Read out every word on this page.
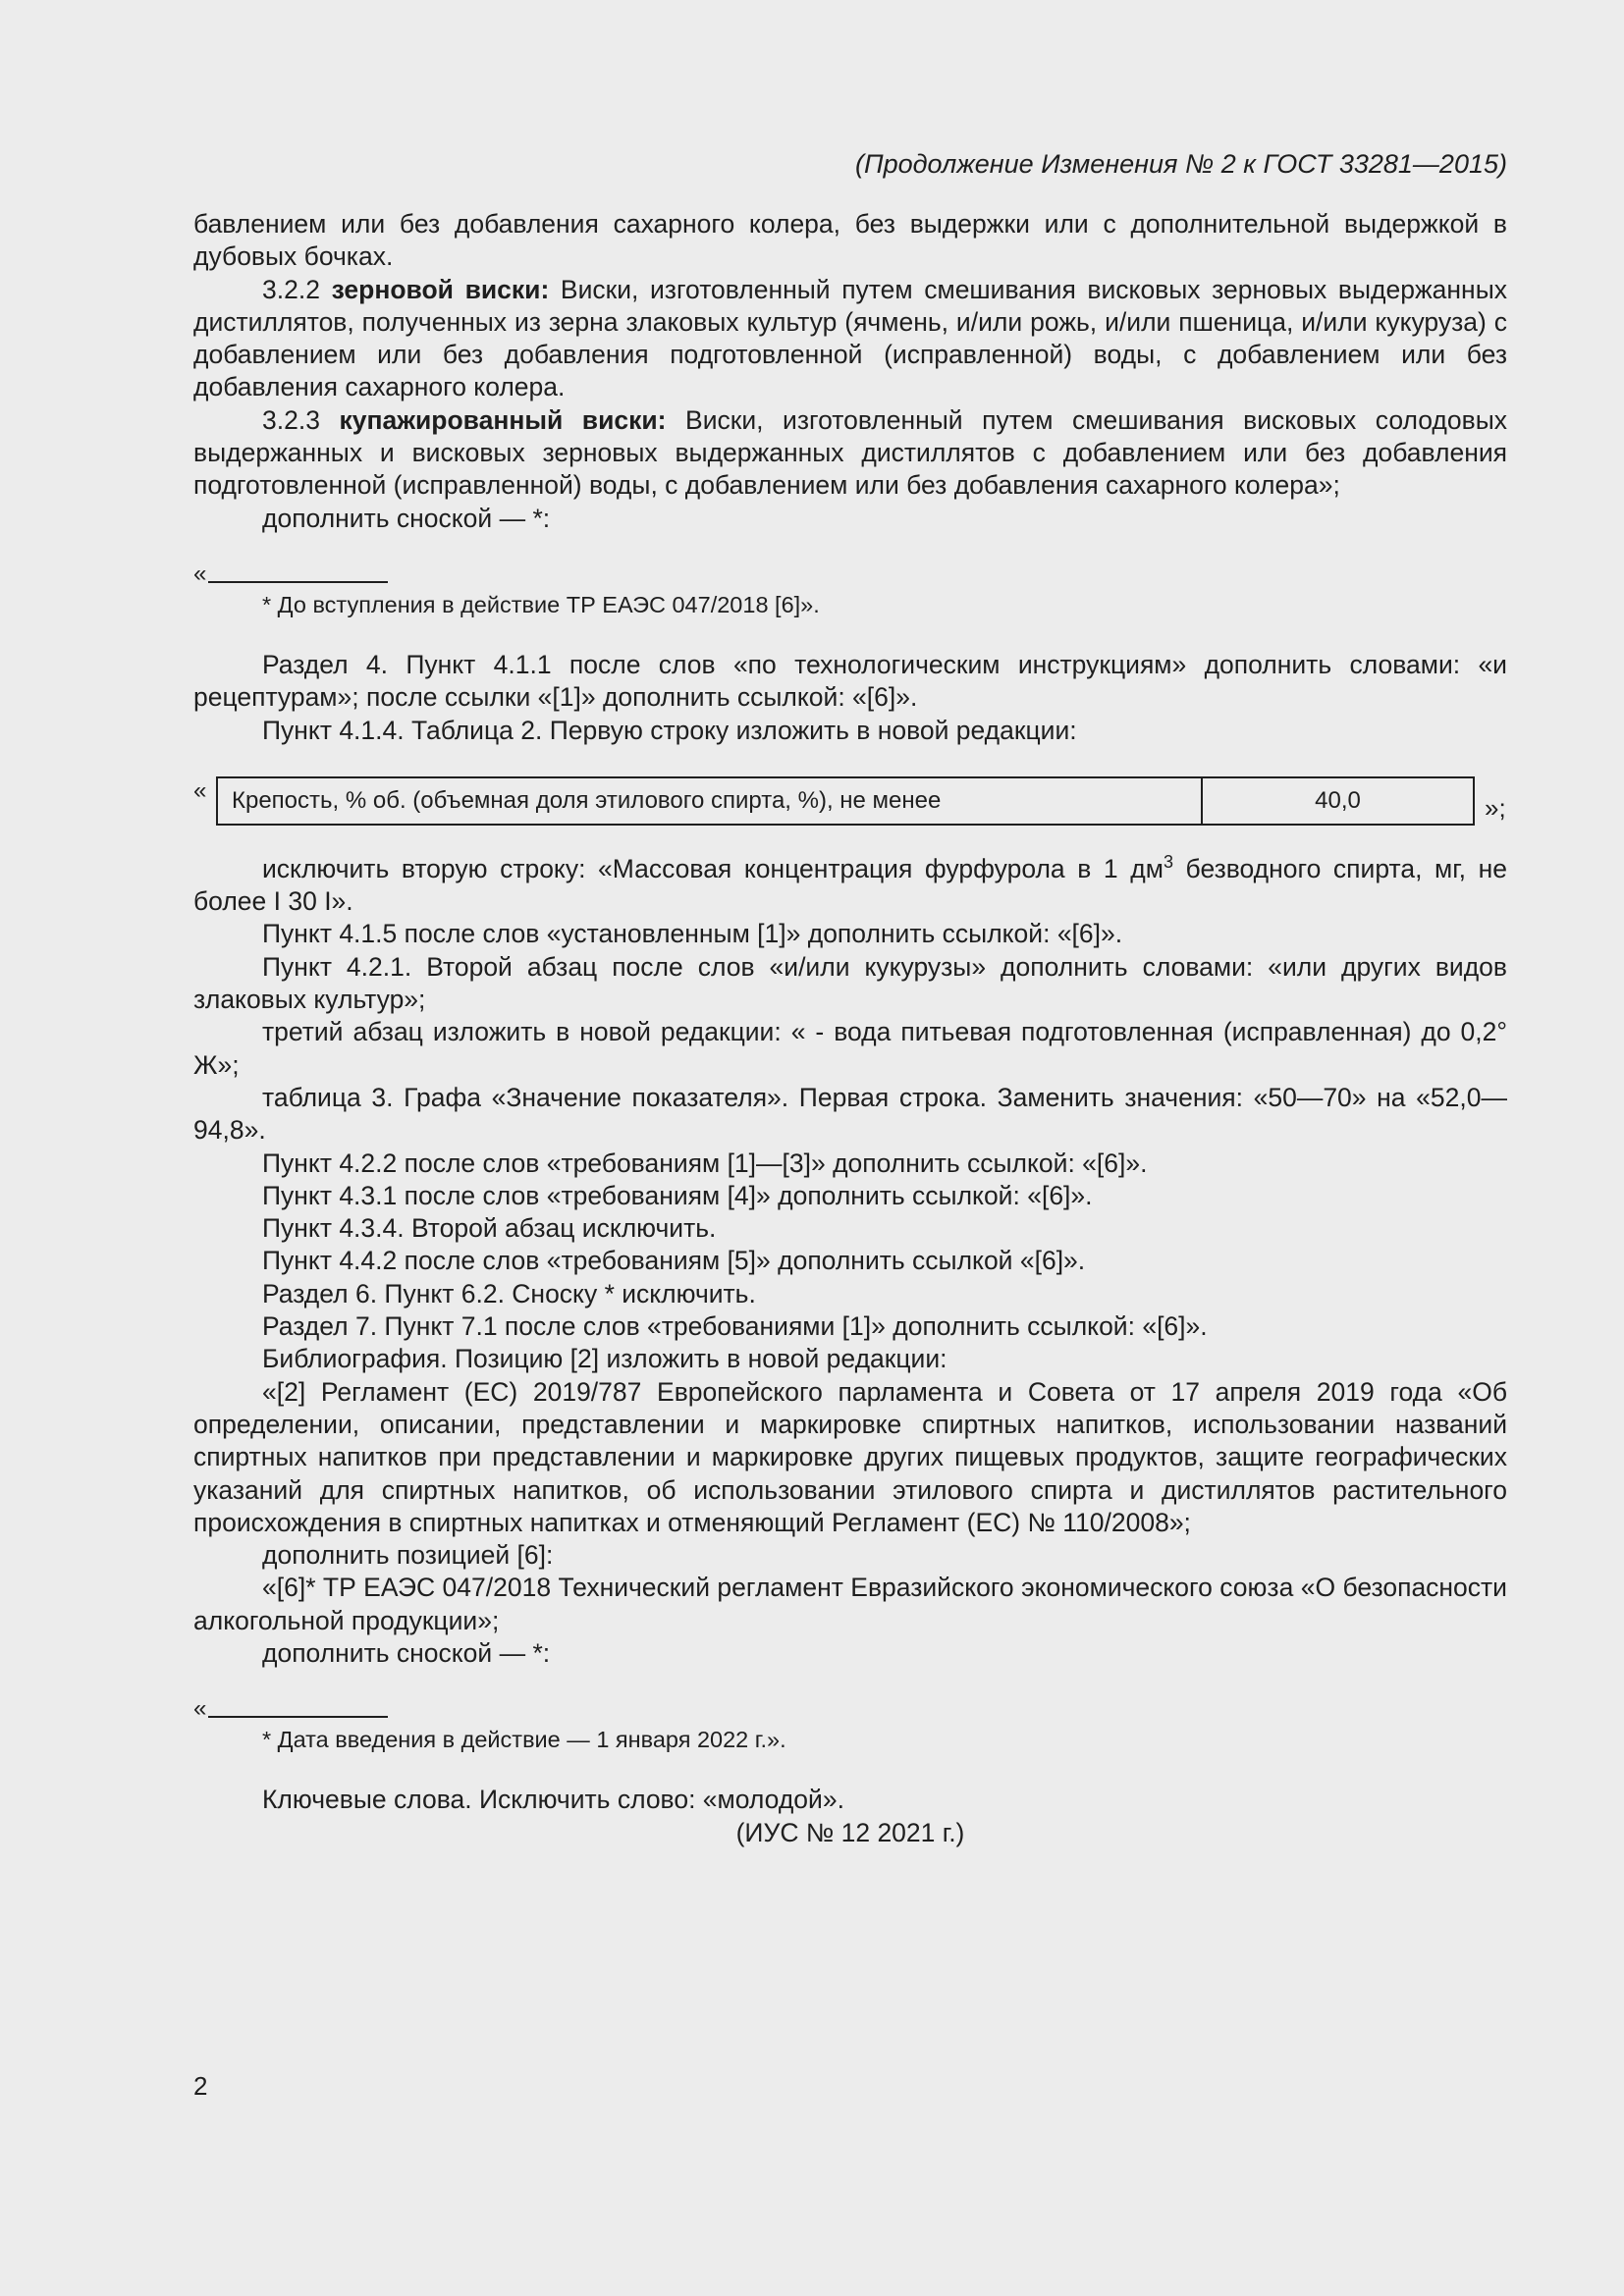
(Продолжение Изменения № 2 к ГОСТ 33281—2015)

бавлением или без добавления сахарного колера, без выдержки или с дополнительной выдержкой в дубовых бочках.

3.2.2 зерновой виски: Виски, изготовленный путем смешивания висковых зерновых выдержанных дистиллятов, полученных из зерна злаковых культур (ячмень, и/или рожь, и/или пшеница, и/или кукуруза) с добавлением или без добавления подготовленной (исправленной) воды, с добавлением или без добавления сахарного колера.

3.2.3 купажированный виски: Виски, изготовленный путем смешивания висковых солодовых выдержанных и висковых зерновых выдержанных дистиллятов с добавлением или без добавления подготовленной (исправленной) воды, с добавлением или без добавления сахарного колера»;

дополнить сноской — *:

«
* До вступления в действие ТР ЕАЭС 047/2018 [6]».

Раздел 4. Пункт 4.1.1 после слов «по технологическим инструкциям» дополнить словами: «и рецептурам»; после ссылки «[1]» дополнить ссылкой: «[6]».

Пункт 4.1.4. Таблица 2. Первую строку изложить в новой редакции:

« Крепость, % об. (объемная доля этилового спирта, %), не менее	40,0	»;

исключить вторую строку: «Массовая концентрация фурфурола в 1 $дм^3$ безводного спирта, мг, не более I 30 I».

Пункт 4.1.5 после слов «установленным [1]» дополнить ссылкой: «[6]».

Пункт 4.2.1. Второй абзац после слов «и/или кукурузы» дополнить словами: «или других видов злаковых культур»;

третий абзац изложить в новой редакции: « - вода питьевая подготовленная (исправленная) до 0,2° Ж»;

таблица 3. Графа «Значение показателя». Первая строка. Заменить значения: «50—70» на «52,0—94,8».

Пункт 4.2.2 после слов «требованиям [1]—[3]» дополнить ссылкой: «[6]».

Пункт 4.3.1 после слов «требованиям [4]» дополнить ссылкой: «[6]».

Пункт 4.3.4. Второй абзац исключить.

Пункт 4.4.2 после слов «требованиям [5]» дополнить ссылкой «[6]».

Раздел 6. Пункт 6.2. Сноску * исключить.

Раздел 7. Пункт 7.1 после слов «требованиями [1]» дополнить ссылкой: «[6]».

Библиография. Позицию [2] изложить в новой редакции:

«[2] Регламент (ЕС) 2019/787 Европейского парламента и Совета от 17 апреля 2019 года «Об определении, описании, представлении и маркировке спиртных напитков, использовании названий спиртных напитков при представлении и маркировке других пищевых продуктов, защите географических указаний для спиртных напитков, об использовании этилового спирта и дистиллятов растительного происхождения в спиртных напитках и отменяющий Регламент (ЕС) № 110/2008»;

дополнить позицией [6]:

«[6]* ТР ЕАЭС 047/2018 Технический регламент Евразийского экономического союза «О безопасности алкогольной продукции»;

дополнить сноской — *:

«
* Дата введения в действие — 1 января 2022 г.».

Ключевые слова. Исключить слово: «молодой».

(ИУС № 12 2021 г.)

2
